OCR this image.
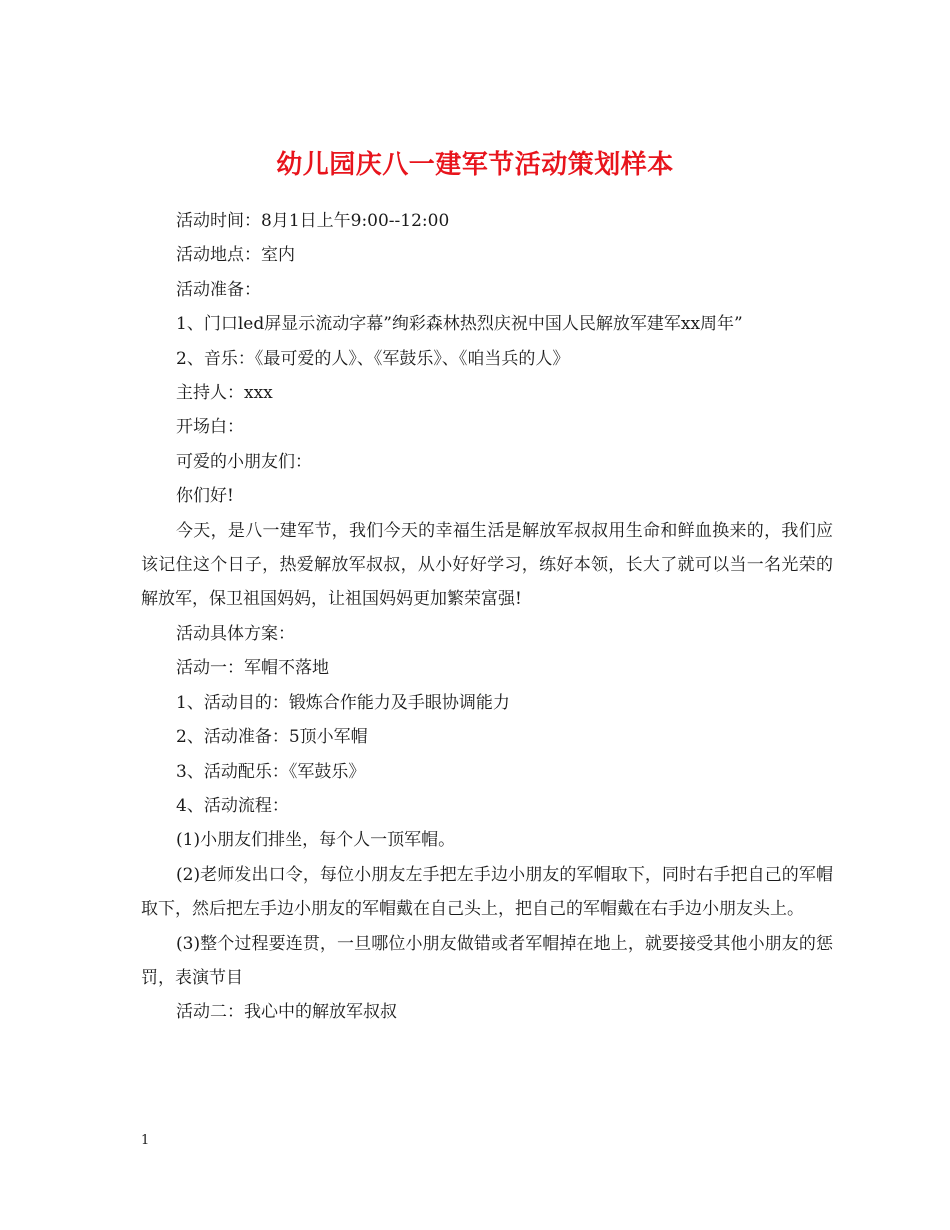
幼儿园庆八一建军节活动策划样本

活动时间：8月1日上午9:00--12:00

活动地点：室内

活动准备：

1、门口led屏显示流动字幕”绚彩森林热烈庆祝中国人民解放军建军xx周年”

2、音乐：《最可爱的人》、《军鼓乐》、《咱当兵的人》

主持人：xxx

开场白：

可爱的小朋友们：

你们好!

今天，是八一建军节，我们今天的幸福生活是解放军叔叔用生命和鲜血换来的，我们应该记住这个日子，热爱解放军叔叔，从小好好学习，练好本领，长大了就可以当一名光荣的解放军，保卫祖国妈妈，让祖国妈妈更加繁荣富强!

活动具体方案：

活动一：军帽不落地

1、活动目的：锻炼合作能力及手眼协调能力

2、活动准备：5顶小军帽

3、活动配乐：《军鼓乐》

4、活动流程：

(1)小朋友们排坐，每个人一顶军帽。

(2)老师发出口令，每位小朋友左手把左手边小朋友的军帽取下，同时右手把自己的军帽取下，然后把左手边小朋友的军帽戴在自己头上，把自己的军帽戴在右手边小朋友头上。

(3)整个过程要连贯，一旦哪位小朋友做错或者军帽掉在地上，就要接受其他小朋友的惩罚，表演节目

活动二：我心中的解放军叔叔

1
